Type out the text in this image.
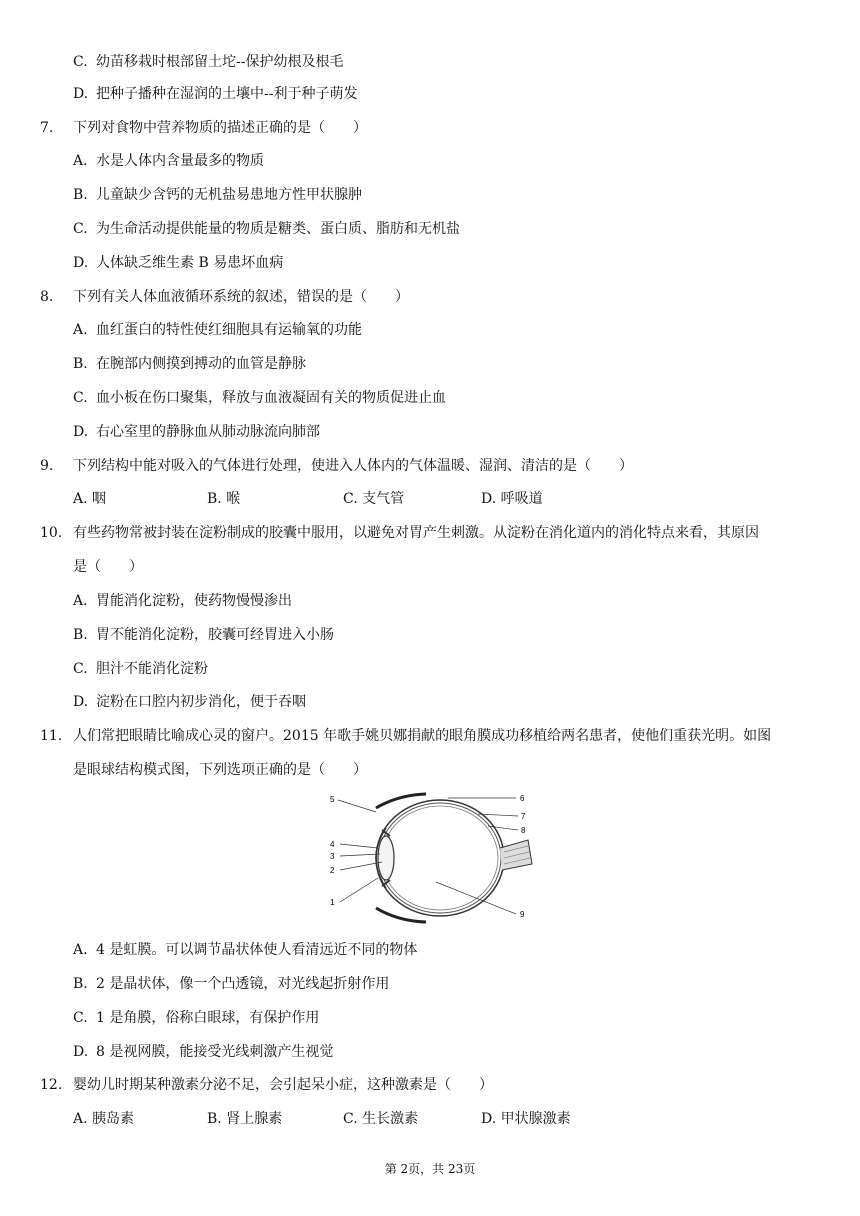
C. 幼苗移栽时根部留土坨--保护幼根及根毛
D. 把种子播种在湿润的土壤中--利于种子萌发
7. 下列对食物中营养物质的描述正确的是（　　）
A. 水是人体内含量最多的物质
B. 儿童缺少含钙的无机盐易患地方性甲状腺肿
C. 为生命活动提供能量的物质是糖类、蛋白质、脂肪和无机盐
D. 人体缺乏维生素 B 易患坏血病
8. 下列有关人体血液循环系统的叙述，错误的是（　　）
A. 血红蛋白的特性使红细胞具有运输氧的功能
B. 在腕部内侧摸到搏动的血管是静脉
C. 血小板在伤口聚集，释放与血液凝固有关的物质促进止血
D. 右心室里的静脉血从肺动脉流向肺部
9. 下列结构中能对吸入的气体进行处理，使进入人体内的气体温暖、湿润、清洁的是（　　）
A. 咽	B. 喉	C. 支气管	D. 呼吸道
10. 有些药物常被封装在淀粉制成的胶囊中服用，以避免对胃产生刺激。从淀粉在消化道内的消化特点来看，其原因
是（　　）
A. 胃能消化淀粉，使药物慢慢渗出
B. 胃不能消化淀粉，胶囊可经胃进入小肠
C. 胆汁不能消化淀粉
D. 淀粉在口腔内初步消化，便于吞咽
11. 人们常把眼睛比喻成心灵的窗户。2015 年歌手姚贝娜捐献的眼角膜成功移植给两名患者，使他们重获光明。如图
是眼球结构模式图，下列选项正确的是（　　）
A. 4 是虹膜。可以调节晶状体使人看清远近不同的物体
B. 2 是晶状体，像一个凸透镜，对光线起折射作用
C. 1 是角膜，俗称白眼球，有保护作用
D. 8 是视网膜，能接受光线刺激产生视觉
12. 婴幼儿时期某种激素分泌不足，会引起呆小症，这种激素是（　　）
A. 胰岛素	B. 肾上腺素	C. 生长激素	D. 甲状腺激素
5
4
3
2
1
6
7
8
9
第 2页，共 23页
